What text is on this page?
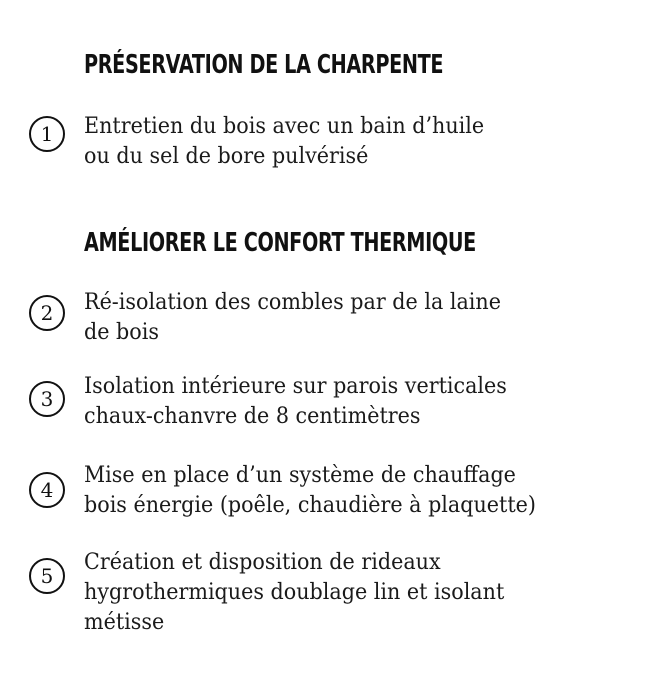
PRÉSERVATION DE LA CHARPENTE
1	Entretien du bois avec un bain d’huile
ou du sel de bore pulvérisé
AMÉLIORER LE CONFORT THERMIQUE
2	Ré-isolation des combles par de la laine
de bois
3	Isolation intérieure sur parois verticales
chaux-chanvre de 8 centimètres
4
Mise en place d’un système de chauffage
bois énergie (poêle, chaudière à plaquette)
5
Création et disposition de rideaux
hygrothermiques doublage lin et isolant
métisse
